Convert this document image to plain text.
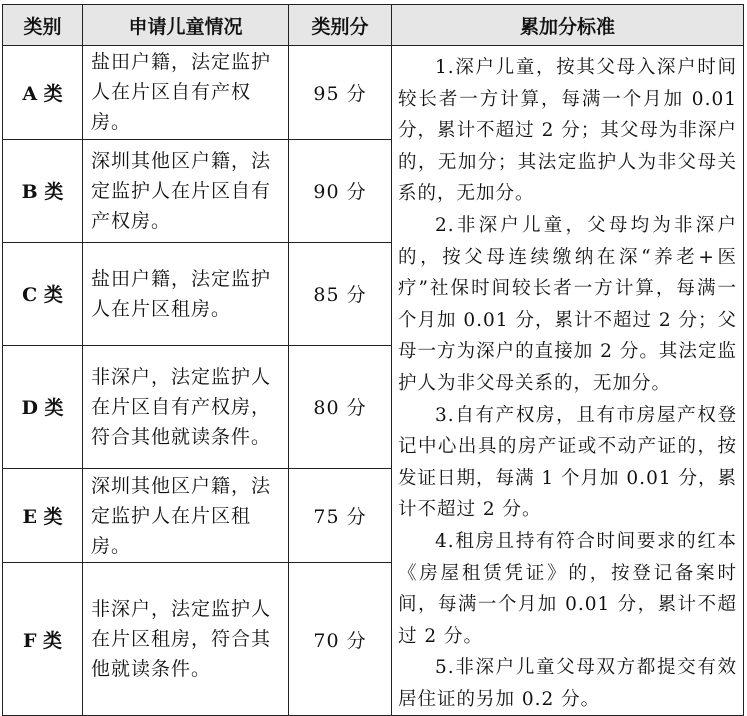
类别	申请儿童情况	类别分	累加分标准
A 类	盐田户籍，法定监护人在片区自有产权房。	95 分	1.深户儿童，按其父母入深户时间较长者一方计算，每满一个月加 0.01 分，累计不超过 2 分；其父母为非深户的，无加分；其法定监护人为非父母关系的，无加分。

2.非深户儿童，父母均为非深户的，按父母连续缴纳在深“养老+医疗”社保时间较长者一方计算，每满一个月加 0.01 分，累计不超过 2 分；父母一方为深户的直接加 2 分。其法定监护人为非父母关系的，无加分。

3.自有产权房，且有市房屋产权登记中心出具的房产证或不动产证的，按发证日期，每满 1 个月加 0.01 分，累计不超过 2 分。

4.租房且持有符合时间要求的红本《房屋租赁凭证》的，按登记备案时间，每满一个月加 0.01 分，累计不超过 2 分。

5.非深户儿童父母双方都提交有效居住证的另加 0.2 分。

B 类	深圳其他区户籍，法定监护人在片区自有产权房。	90 分	
C 类	盐田户籍，法定监护人在片区租房。	85 分	
D 类	非深户，法定监护人在片区自有产权房，符合其他就读条件。	80 分	
E 类	深圳其他区户籍，法定监护人在片区租房。	75 分	
F 类	非深户，法定监护人在片区租房，符合其他就读条件。	70 分	
